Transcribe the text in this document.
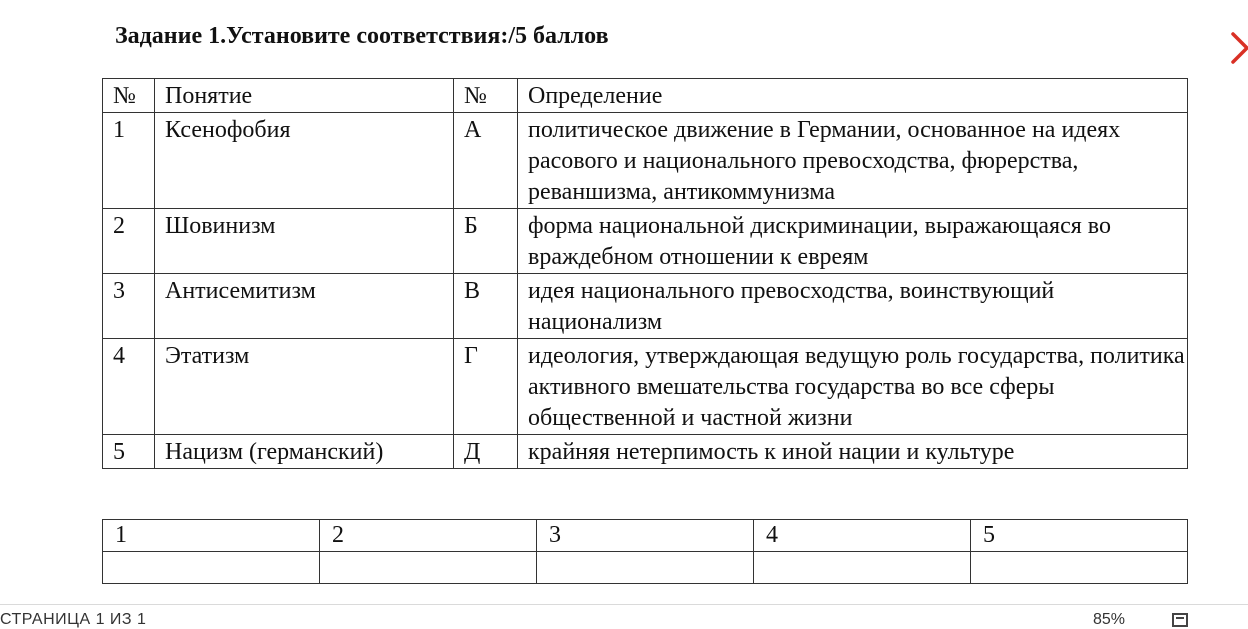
Задание 1.Установите соответствия:/5 баллов
№	Понятие	№	Определение
1	Ксенофобия	А	политическое движение в Германии, основанное на идеях расового и национального превосходства, фюрерства, реваншизма, антикоммунизма
2	Шовинизм	Б	форма национальной дискриминации, выражающаяся во враждебном отношении к евреям
3	Антисемитизм	В	идея национального превосходства, воинствующий национализм
4	Этатизм	Г	идеология, утверждающая ведущую роль государства, политика активного вмешательства государства во все сферы общественной и частной жизни
5	Нацизм (германский)	Д	крайняя нетерпимость к иной нации и культуре
1	2	3	4	5

СТРАНИЦА 1 ИЗ 1	85%
